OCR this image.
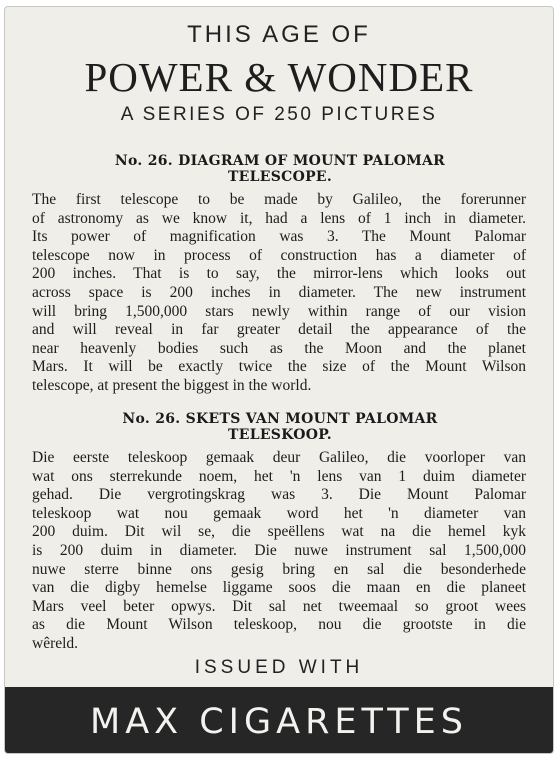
THIS AGE OF
POWER & WONDER
A SERIES OF 250 PICTURES
No. 26. DIAGRAM OF MOUNT PALOMAR
TELESCOPE.
The first telescope to be made by Galileo, the forerunner
of astronomy as we know it, had a lens of 1 inch in diameter.
Its power of magnification was 3. The Mount Palomar
telescope now in process of construction has a diameter of
200 inches. That is to say, the mirror-lens which looks out
across space is 200 inches in diameter. The new instrument
will bring 1,500,000 stars newly within range of our vision
and will reveal in far greater detail the appearance of the
near heavenly bodies such as the Moon and the planet
Mars. It will be exactly twice the size of the Mount Wilson
telescope, at present the biggest in the world.
No. 26. SKETS VAN MOUNT PALOMAR
TELESKOOP.
Die eerste teleskoop gemaak deur Galileo, die voorloper van
wat ons sterrekunde noem, het 'n lens van 1 duim diameter
gehad. Die vergrotingskrag was 3. Die Mount Palomar
teleskoop wat nou gemaak word het 'n diameter van
200 duim. Dit wil se, die speëllens wat na die hemel kyk
is 200 duim in diameter. Die nuwe instrument sal 1,500,000
nuwe sterre binne ons gesig bring en sal die besonderhede
van die digby hemelse liggame soos die maan en die planeet
Mars veel beter opwys. Dit sal net tweemaal so groot wees
as die Mount Wilson teleskoop, nou die grootste in die
wêreld.
ISSUED WITH
MAX CIGARETTES
